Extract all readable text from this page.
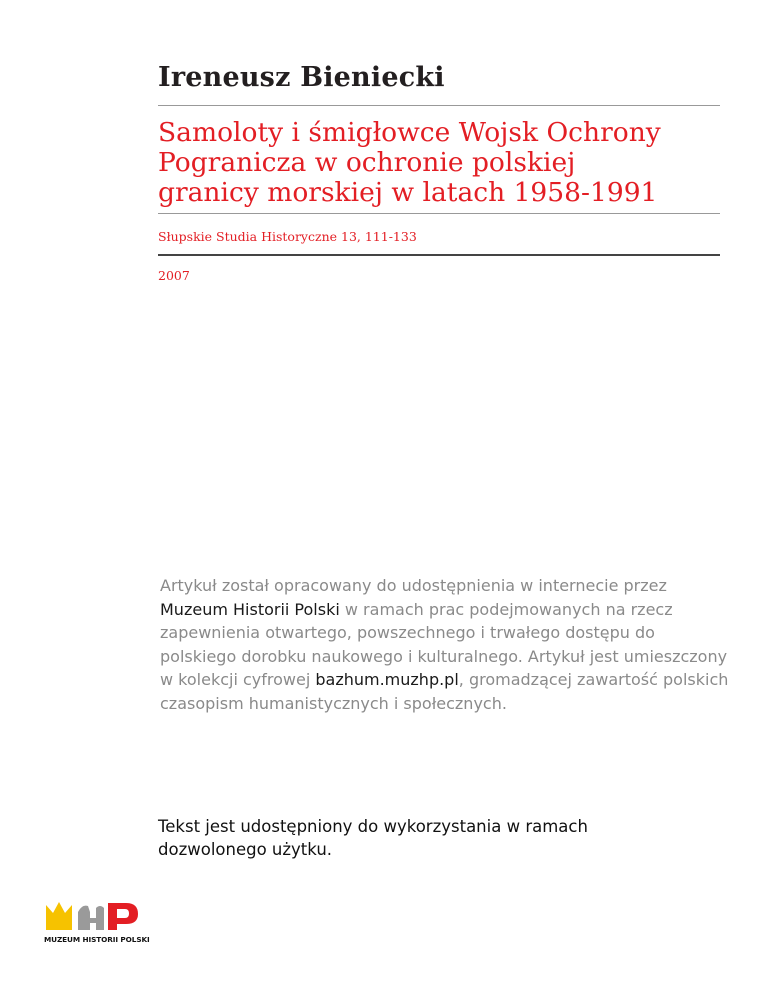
Ireneusz Bieniecki
Samoloty i śmigłowce Wojsk Ochrony
Pogranicza w ochronie polskiej
granicy morskiej w latach 1958-1991
Słupskie Studia Historyczne 13, 111-133
2007
Artykuł został opracowany do udostępnienia w internecie przez
Muzeum Historii Polski w ramach prac podejmowanych na rzecz
zapewnienia otwartego, powszechnego i trwałego dostępu do
polskiego dorobku naukowego i kulturalnego. Artykuł jest umieszczony
w kolekcji cyfrowej bazhum.muzhp.pl, gromadzącej zawartość polskich
czasopism humanistycznych i społecznych.
Tekst jest udostępniony do wykorzystania w ramach
dozwolonego użytku.
MUZEUM HISTORII POLSKI
